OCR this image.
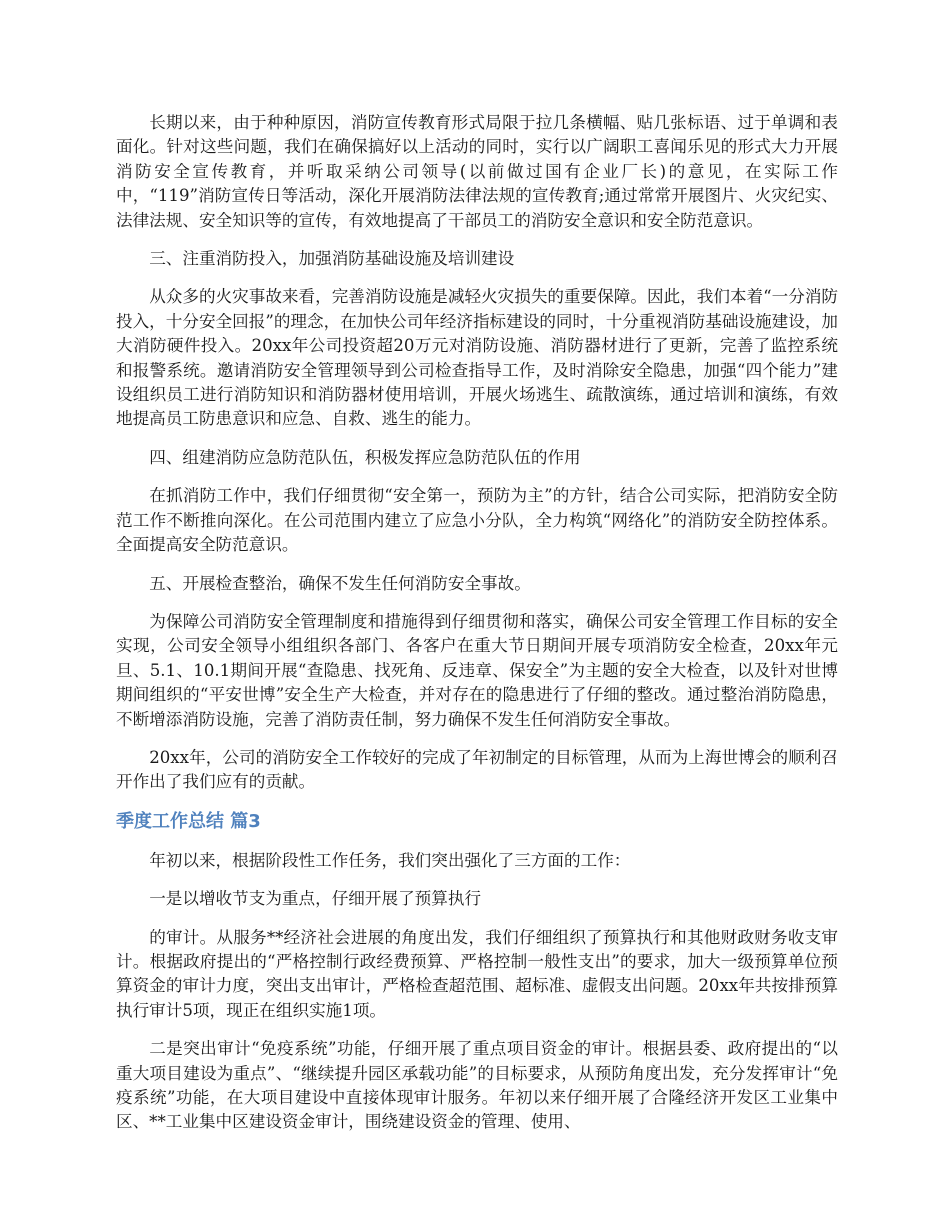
长期以来，由于种种原因，消防宣传教育形式局限于拉几条横幅、贴几张标语、过于单调和表面化。针对这些问题，我们在确保搞好以上活动的同时，实行以广阔职工喜闻乐见的形式大力开展消防安全宣传教育，并听取采纳公司领导(以前做过国有企业厂长)的意见，在实际工作中，“119”消防宣传日等活动，深化开展消防法律法规的宣传教育;通过常常开展图片、火灾纪实、法律法规、安全知识等的宣传，有效地提高了干部员工的消防安全意识和安全防范意识。

三、注重消防投入，加强消防基础设施及培训建设

从众多的火灾事故来看，完善消防设施是减轻火灾损失的重要保障。因此，我们本着“一分消防投入，十分安全回报”的理念，在加快公司年经济指标建设的同时，十分重视消防基础设施建设，加大消防硬件投入。20xx年公司投资超20万元对消防设施、消防器材进行了更新，完善了监控系统和报警系统。邀请消防安全管理领导到公司检查指导工作，及时消除安全隐患，加强“四个能力”建设组织员工进行消防知识和消防器材使用培训，开展火场逃生、疏散演练，通过培训和演练，有效地提高员工防患意识和应急、自救、逃生的能力。

四、组建消防应急防范队伍，积极发挥应急防范队伍的作用

在抓消防工作中，我们仔细贯彻“安全第一，预防为主”的方针，结合公司实际，把消防安全防范工作不断推向深化。在公司范围内建立了应急小分队，全力构筑“网络化”的消防安全防控体系。全面提高安全防范意识。

五、开展检查整治，确保不发生任何消防安全事故。

为保障公司消防安全管理制度和措施得到仔细贯彻和落实，确保公司安全管理工作目标的安全实现，公司安全领导小组组织各部门、各客户在重大节日期间开展专项消防安全检查，20xx年元旦、5.1、10.1期间开展“查隐患、找死角、反违章、保安全”为主题的安全大检查，以及针对世博期间组织的“平安世博”安全生产大检查，并对存在的隐患进行了仔细的整改。通过整治消防隐患，不断增添消防设施，完善了消防责任制，努力确保不发生任何消防安全事故。

20xx年，公司的消防安全工作较好的完成了年初制定的目标管理，从而为上海世博会的顺利召开作出了我们应有的贡献。

季度工作总结 篇3

年初以来，根据阶段性工作任务，我们突出强化了三方面的工作：

一是以增收节支为重点，仔细开展了预算执行

的审计。从服务**经济社会进展的角度出发，我们仔细组织了预算执行和其他财政财务收支审计。根据政府提出的“严格控制行政经费预算、严格控制一般性支出”的要求，加大一级预算单位预算资金的审计力度，突出支出审计，严格检查超范围、超标准、虚假支出问题。20xx年共按排预算执行审计5项，现正在组织实施1项。

二是突出审计“免疫系统”功能，仔细开展了重点项目资金的审计。根据县委、政府提出的“以重大项目建设为重点”、“继续提升园区承载功能”的目标要求，从预防角度出发，充分发挥审计“免疫系统”功能，在大项目建设中直接体现审计服务。年初以来仔细开展了合隆经济开发区工业集中区、**工业集中区建设资金审计，围绕建设资金的管理、使用、
